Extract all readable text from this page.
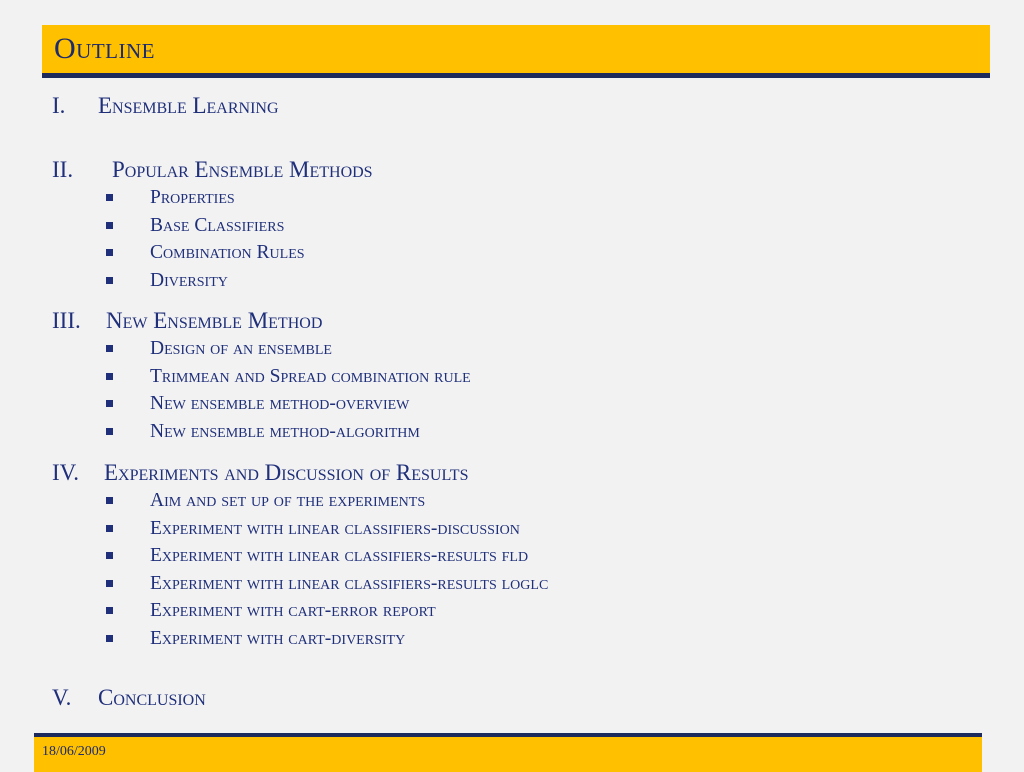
Outline
I. Ensemble Learning
II. Popular Ensemble Methods
Properties
Base Classifiers
Combination Rules
Diversity
III. New Ensemble Method
Design of an ensemble
Trimmean and Spread combination rule
New ensemble method-overview
New ensemble method-algorithm
IV. Experiments and Discussion of Results
Aim and set up of the experiments
Experiment with linear classifiers-discussion
Experiment with linear classifiers-results fld
Experiment with linear classifiers-results loglc
Experiment with cart-error report
Experiment with cart-diversity
V. Conclusion
18/06/2009
